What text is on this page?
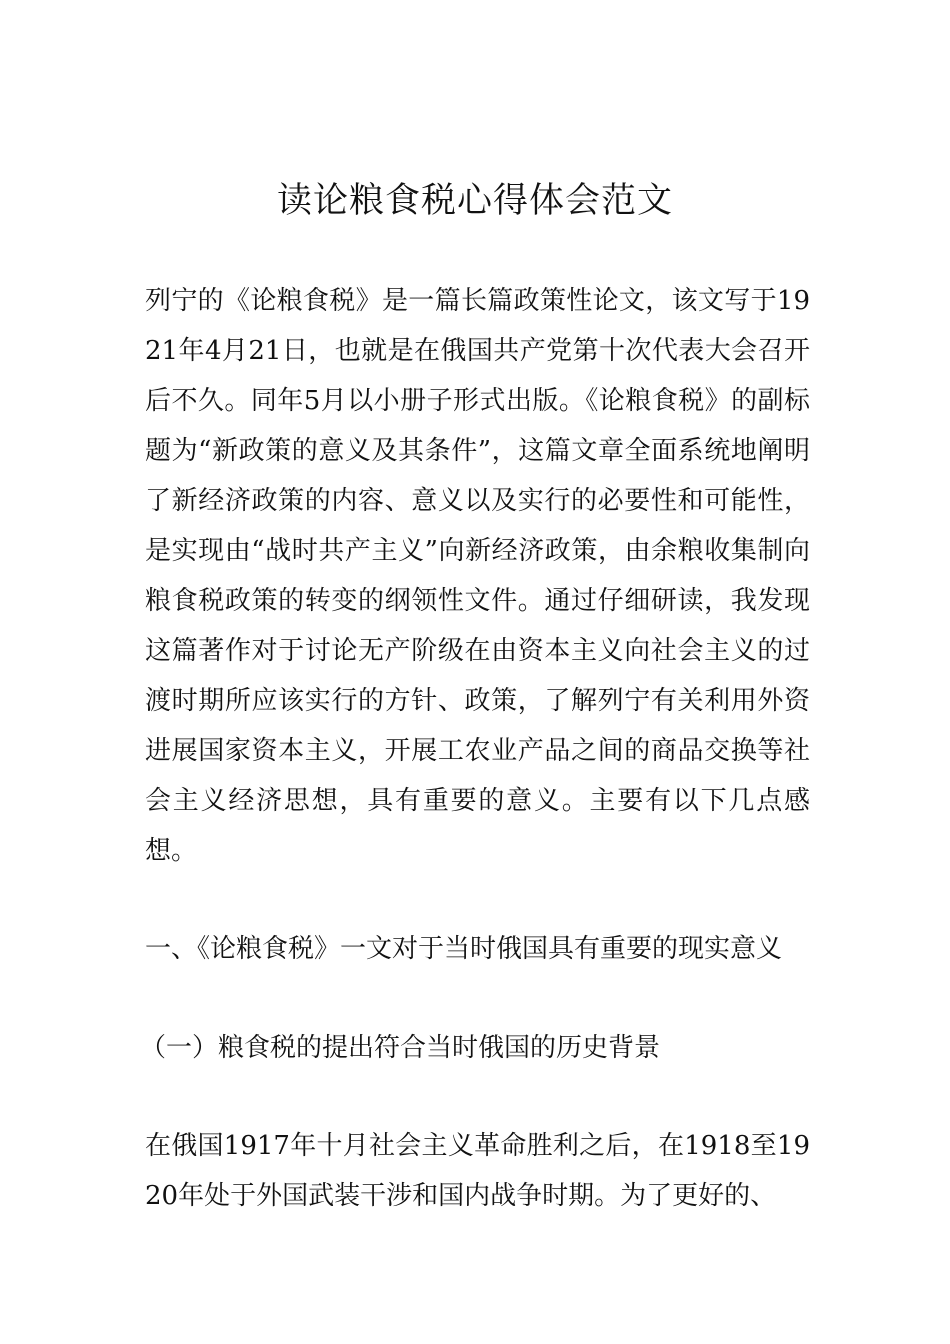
读论粮食税心得体会范文

列宁的《论粮食税》是一篇长篇政策性论文，该文写于1921年4月21日，也就是在俄国共产党第十次代表大会召开后不久。同年5月以小册子形式出版。《论粮食税》的副标题为“新政策的意义及其条件”，这篇文章全面系统地阐明了新经济政策的内容、意义以及实行的必要性和可能性，是实现由“战时共产主义”向新经济政策，由余粮收集制向粮食税政策的转变的纲领性文件。通过仔细研读，我发现这篇著作对于讨论无产阶级在由资本主义向社会主义的过渡时期所应该实行的方针、政策，了解列宁有关利用外资进展国家资本主义，开展工农业产品之间的商品交换等社会主义经济思想，具有重要的意义。主要有以下几点感想。

一、《论粮食税》一文对于当时俄国具有重要的现实意义

（一）粮食税的提出符合当时俄国的历史背景

在俄国1917年十月社会主义革命胜利之后，在1918至1920年处于外国武装干涉和国内战争时期。为了更好的、
